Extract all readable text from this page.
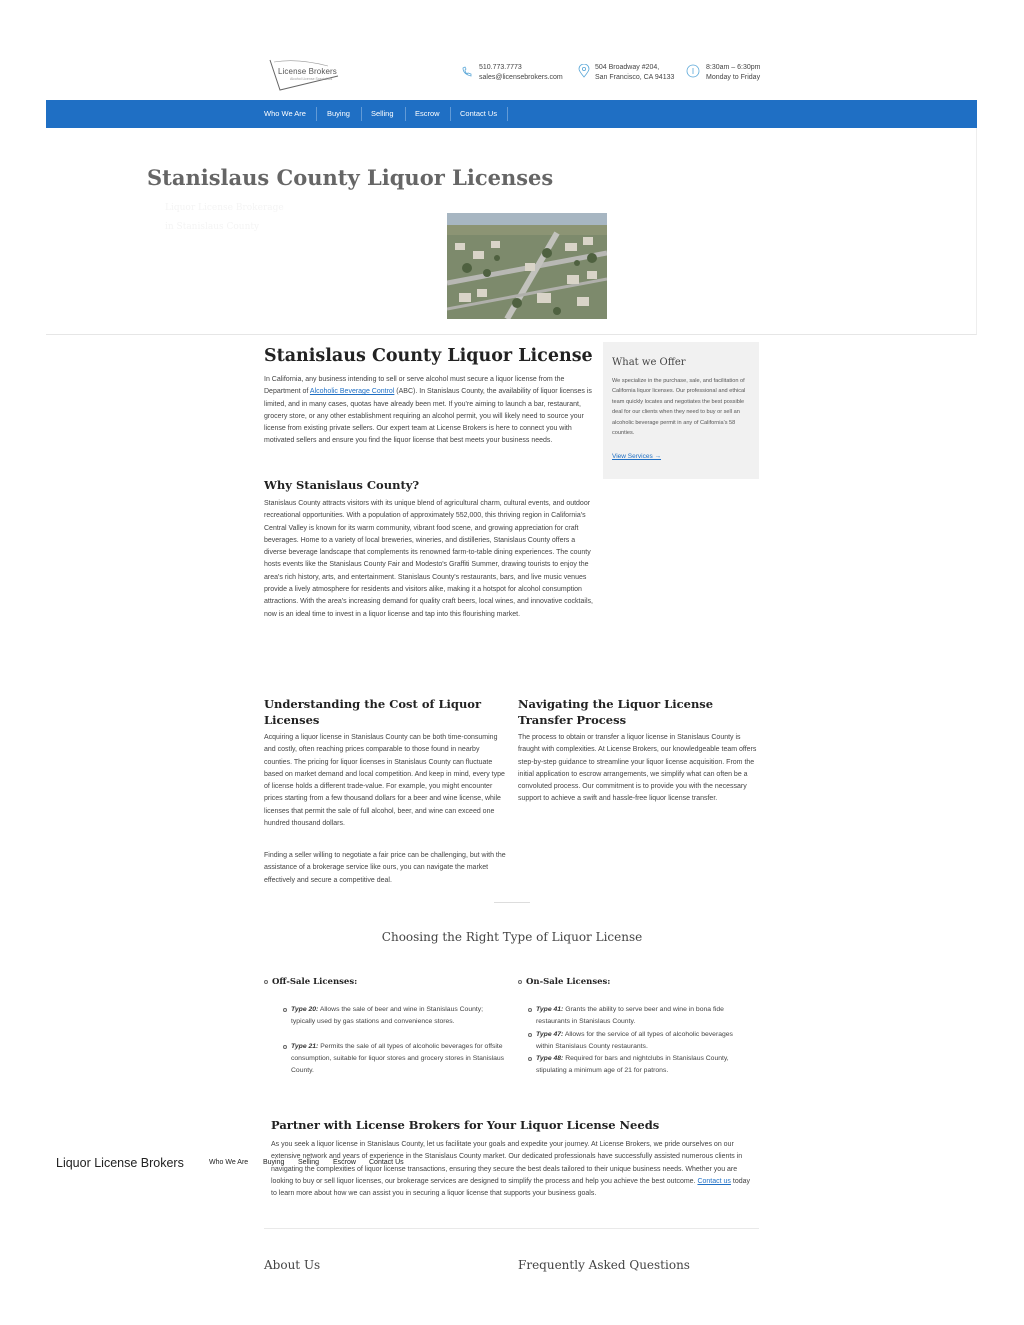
License Brokers
Alcohol License Specialists
510.773.7773
sales@licensebrokers.com
504 Broadway #204,
San Francisco, CA 94133
8:30am – 6:30pm
Monday to Friday
Who We Are	Buying	Selling	Escrow	Contact Us
Stanislaus County Liquor Licenses
Liquor License Brokerage
in Stanislaus County
Stanislaus County Liquor License

In California, any business intending to sell or serve alcohol must secure a liquor license from the Department of Alcoholic Beverage Control (ABC). In Stanislaus County, the availability of liquor licenses is limited, and in many cases, quotas have already been met. If you're aiming to launch a bar, restaurant, grocery store, or any other establishment requiring an alcohol permit, you will likely need to source your license from existing private sellers. Our expert team at License Brokers is here to connect you with motivated sellers and ensure you find the liquor license that best meets your business needs.

Why Stanislaus County?

Stanislaus County attracts visitors with its unique blend of agricultural charm, cultural events, and outdoor recreational opportunities. With a population of approximately 552,000, this thriving region in California's Central Valley is known for its warm community, vibrant food scene, and growing appreciation for craft beverages. Home to a variety of local breweries, wineries, and distilleries, Stanislaus County offers a diverse beverage landscape that complements its renowned farm-to-table dining experiences. The county hosts events like the Stanislaus County Fair and Modesto's Graffiti Summer, drawing tourists to enjoy the area's rich history, arts, and entertainment. Stanislaus County's restaurants, bars, and live music venues provide a lively atmosphere for residents and visitors alike, making it a hotspot for alcohol consumption attractions. With the area's increasing demand for quality craft beers, local wines, and innovative cocktails, now is an ideal time to invest in a liquor license and tap into this flourishing market.

What we Offer
We specialize in the purchase, sale, and facilitation of California liquor licenses. Our professional and ethical team quickly locates and negotiates the best possible deal for our clients when they need to buy or sell an alcoholic beverage permit in any of California's 58 counties.
View Services →
Understanding the Cost of Liquor Licenses

Acquiring a liquor license in Stanislaus County can be both time-consuming and costly, often reaching prices comparable to those found in nearby counties. The pricing for liquor licenses in Stanislaus County can fluctuate based on market demand and local competition. And keep in mind, every type of license holds a different trade-value. For example, you might encounter prices starting from a few thousand dollars for a beer and wine license, while licenses that permit the sale of full alcohol, beer, and wine can exceed one hundred thousand dollars.

Finding a seller willing to negotiate a fair price can be challenging, but with the assistance of a brokerage service like ours, you can navigate the market effectively and secure a competitive deal.

Navigating the Liquor License Transfer Process

The process to obtain or transfer a liquor license in Stanislaus County is fraught with complexities. At License Brokers, our knowledgeable team offers step-by-step guidance to streamline your liquor license acquisition. From the initial application to escrow arrangements, we simplify what can often be a convoluted process. Our commitment is to provide you with the necessary support to achieve a swift and hassle-free liquor license transfer.

Choosing the Right Type of Liquor License
Off-Sale Licenses:
Type 20: Allows the sale of beer and wine in Stanislaus County; typically used by gas stations and convenience stores.
Type 21: Permits the sale of all types of alcoholic beverages for offsite consumption, suitable for liquor stores and grocery stores in Stanislaus County.
On-Sale Licenses:
Type 41: Grants the ability to serve beer and wine in bona fide restaurants in Stanislaus County.
Type 47: Allows for the service of all types of alcoholic beverages within Stanislaus County restaurants.
Type 48: Required for bars and nightclubs in Stanislaus County, stipulating a minimum age of 21 for patrons.
Partner with License Brokers for Your Liquor License Needs

As you seek a liquor license in Stanislaus County, let us facilitate your goals and expedite your journey. At License Brokers, we pride ourselves on our extensive network and years of experience in the Stanislaus County market. Our dedicated professionals have successfully assisted numerous clients in navigating the complexities of liquor license transactions, ensuring they secure the best deals tailored to their unique business needs. Whether you are looking to buy or sell liquor licenses, our brokerage services are designed to simplify the process and help you achieve the best outcome. Contact us today to learn more about how we can assist you in securing a liquor license that supports your business goals.

About Us	Frequently Asked Questions
Liquor License Brokers	Who We Are Buying Selling Escrow Contact Us
